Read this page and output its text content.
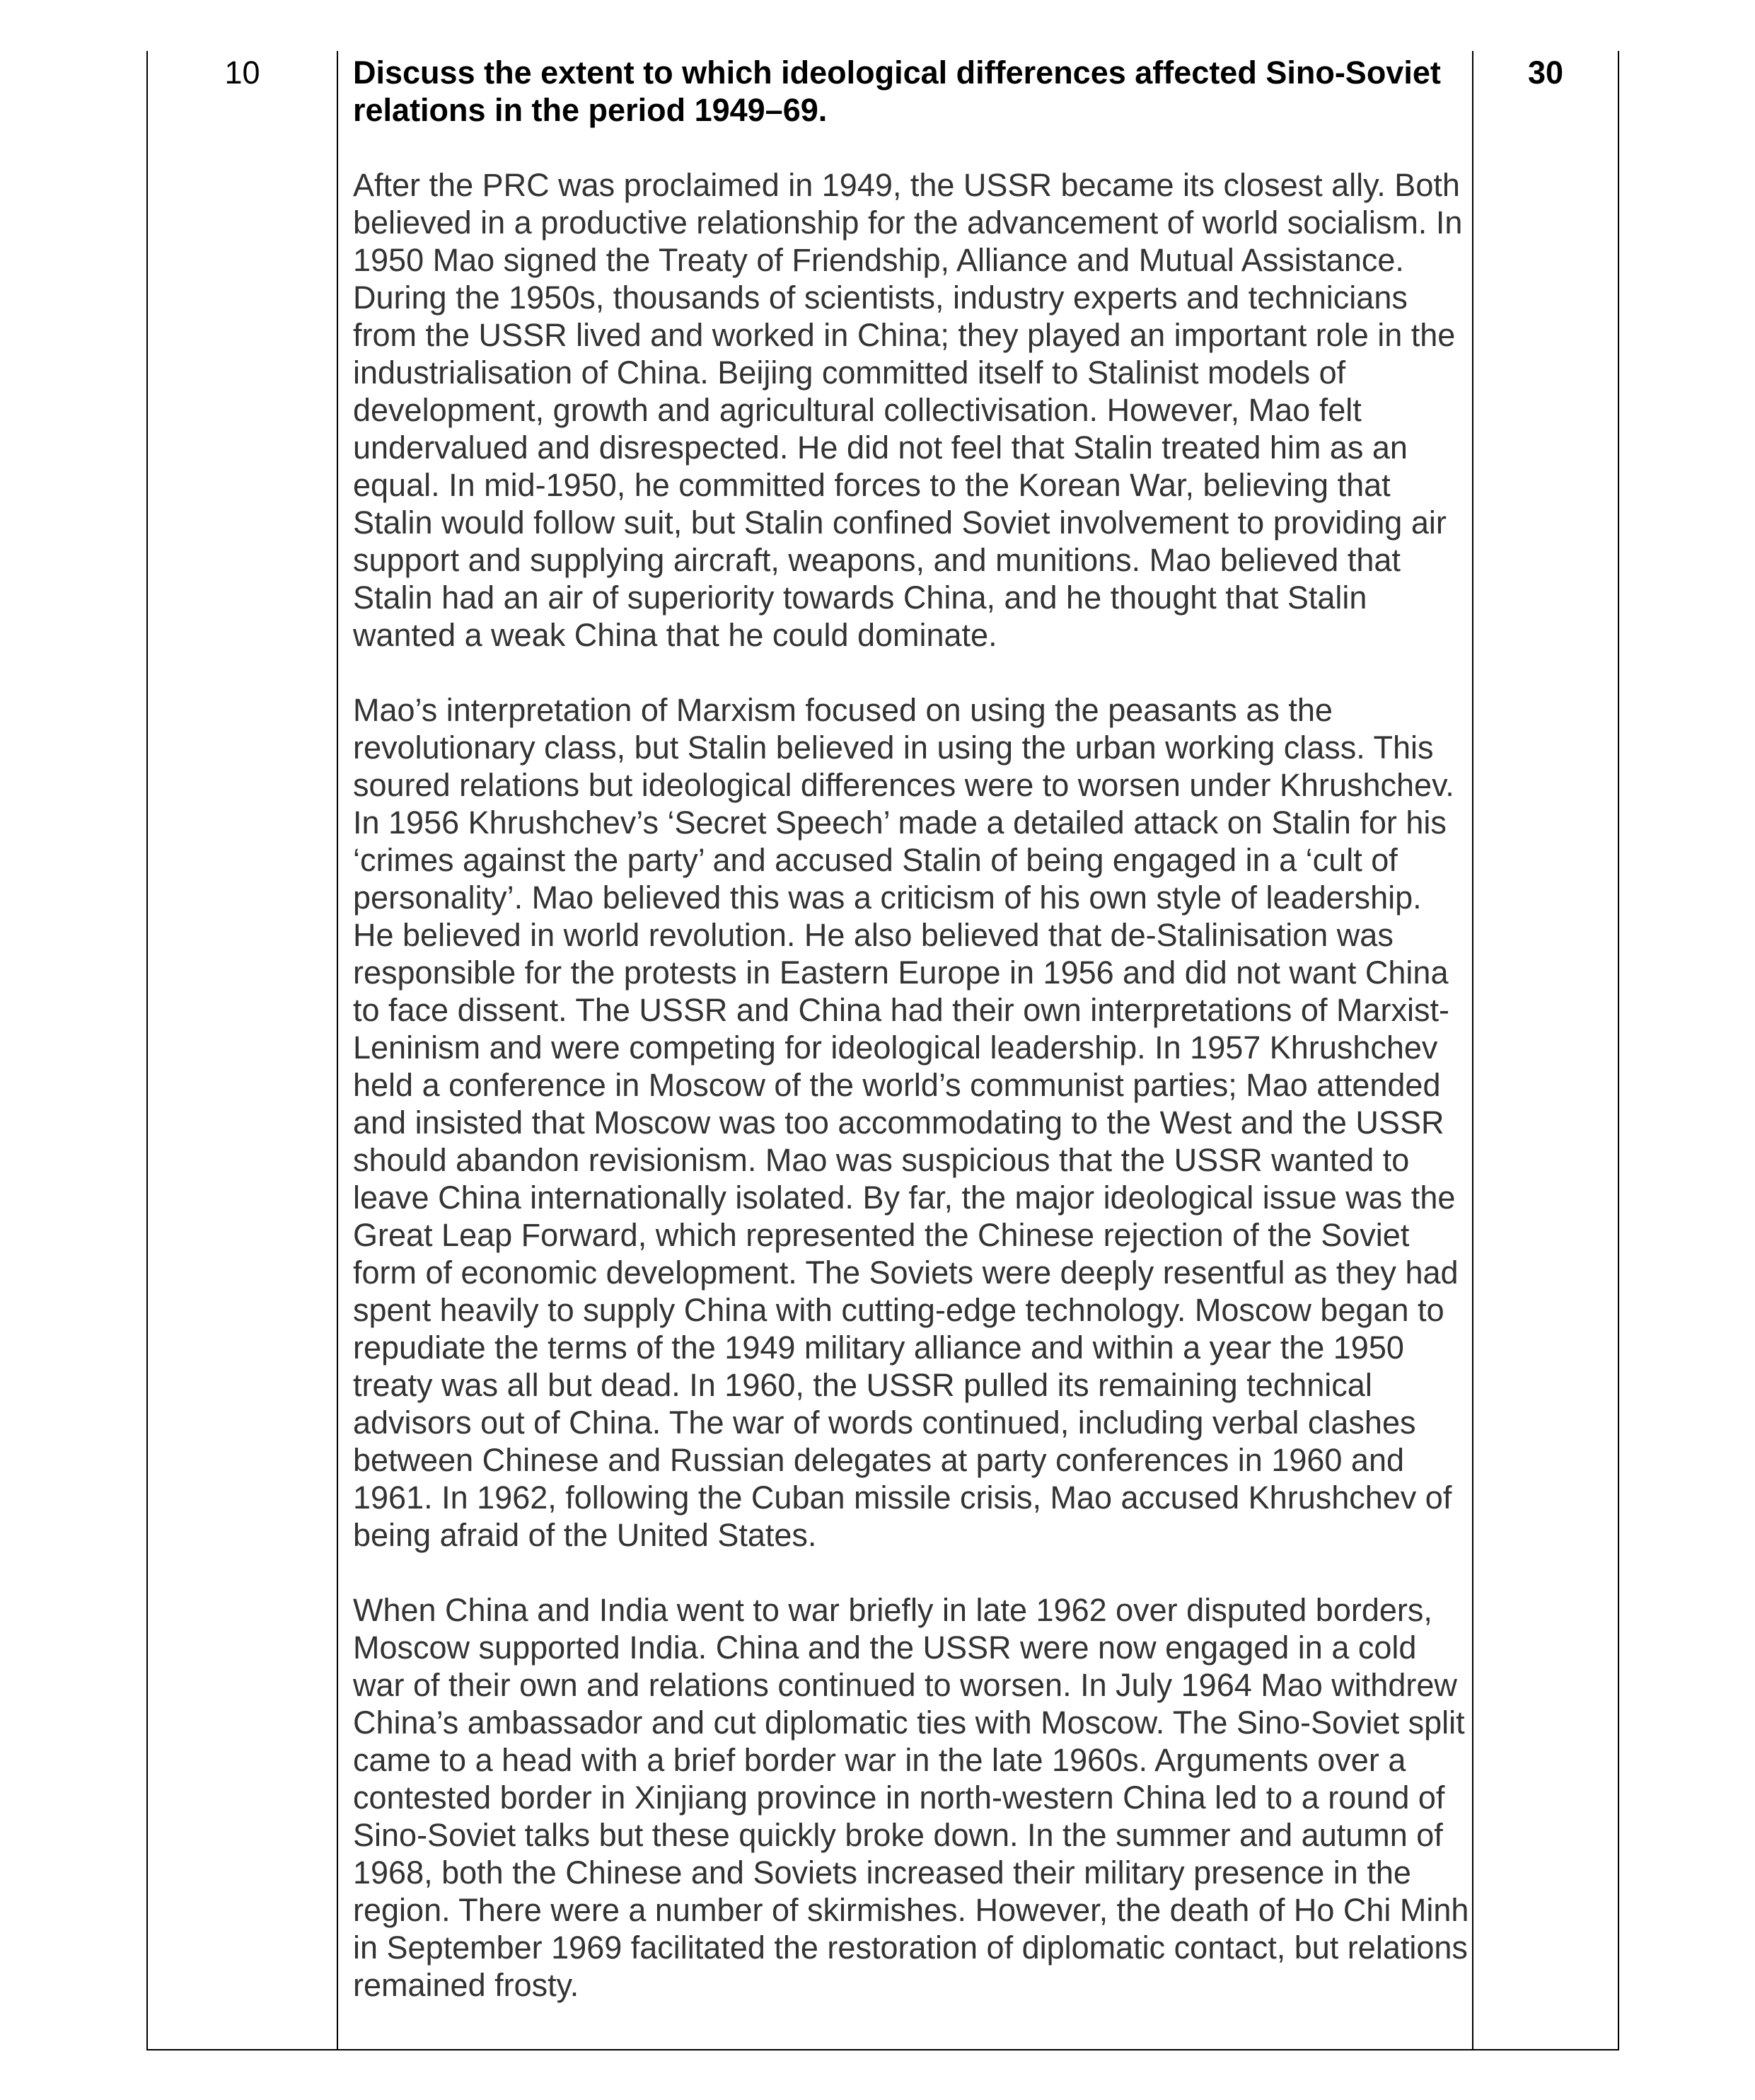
10	Discuss the extent to which ideological differences affected Sino-Soviet relations in the period 1949–69.

After the PRC was proclaimed in 1949, the USSR became its closest ally. Both believed in a productive relationship for the advancement of world socialism. In 1950 Mao signed the Treaty of Friendship, Alliance and Mutual Assistance. During the 1950s, thousands of scientists, industry experts and technicians from the USSR lived and worked in China; they played an important role in the industrialisation of China. Beijing committed itself to Stalinist models of development, growth and agricultural collectivisation. However, Mao felt undervalued and disrespected. He did not feel that Stalin treated him as an equal. In mid-1950, he committed forces to the Korean War, believing that Stalin would follow suit, but Stalin confined Soviet involvement to providing air support and supplying aircraft, weapons, and munitions. Mao believed that Stalin had an air of superiority towards China, and he thought that Stalin wanted a weak China that he could dominate.

Mao’s interpretation of Marxism focused on using the peasants as the revolutionary class, but Stalin believed in using the urban working class. This soured relations but ideological differences were to worsen under Khrushchev. In 1956 Khrushchev’s ‘Secret Speech’ made a detailed attack on Stalin for his ‘crimes against the party’ and accused Stalin of being engaged in a ‘cult of personality’. Mao believed this was a criticism of his own style of leadership. He believed in world revolution. He also believed that de-Stalinisation was responsible for the protests in Eastern Europe in 1956 and did not want China to face dissent. The USSR and China had their own interpretations of Marxist-Leninism and were competing for ideological leadership. In 1957 Khrushchev held a conference in Moscow of the world’s communist parties; Mao attended and insisted that Moscow was too accommodating to the West and the USSR should abandon revisionism. Mao was suspicious that the USSR wanted to leave China internationally isolated. By far, the major ideological issue was the Great Leap Forward, which represented the Chinese rejection of the Soviet form of economic development. The Soviets were deeply resentful as they had spent heavily to supply China with cutting-edge technology. Moscow began to repudiate the terms of the 1949 military alliance and within a year the 1950 treaty was all but dead. In 1960, the USSR pulled its remaining technical advisors out of China. The war of words continued, including verbal clashes between Chinese and Russian delegates at party conferences in 1960 and 1961. In 1962, following the Cuban missile crisis, Mao accused Khrushchev of being afraid of the United States.

When China and India went to war briefly in late 1962 over disputed borders, Moscow supported India. China and the USSR were now engaged in a cold war of their own and relations continued to worsen. In July 1964 Mao withdrew China’s ambassador and cut diplomatic ties with Moscow. The Sino-Soviet split came to a head with a brief border war in the late 1960s. Arguments over a contested border in Xinjiang province in north-western China led to a round of Sino-Soviet talks but these quickly broke down. In the summer and autumn of 1968, both the Chinese and Soviets increased their military presence in the region. There were a number of skirmishes. However, the death of Ho Chi Minh in September 1969 facilitated the restoration of diplomatic contact, but relations remained frosty.

30
